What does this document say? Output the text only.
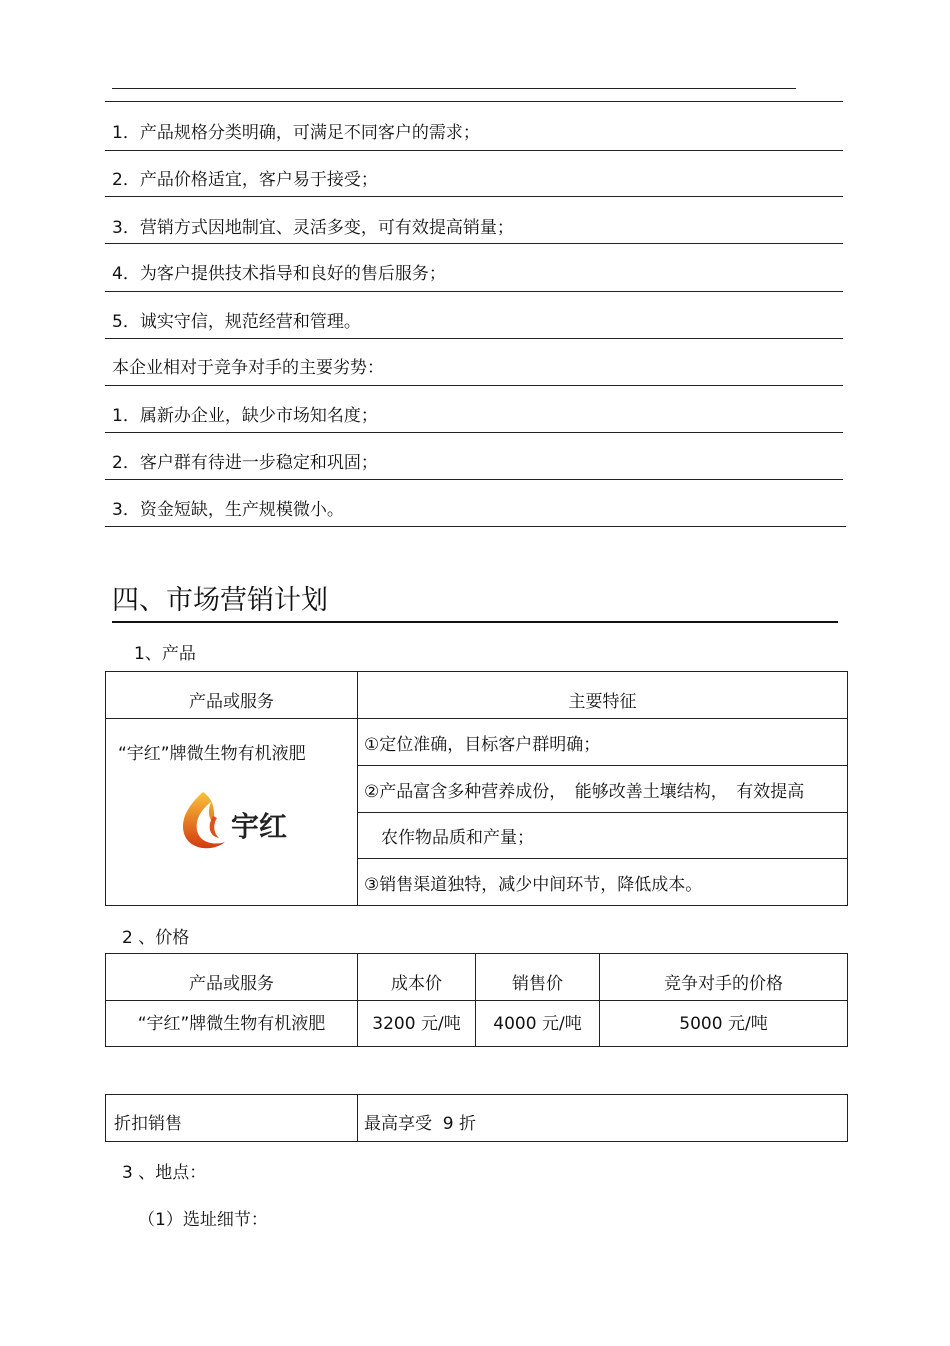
1．产品规格分类明确，可满足不同客户的需求；
2．产品价格适宜，客户易于接受；
3．营销方式因地制宜、灵活多变，可有效提高销量；
4．为客户提供技术指导和良好的售后服务；
5．诚实守信，规范经营和管理。
本企业相对于竞争对手的主要劣势：
1．属新办企业，缺少市场知名度；
2．客户群有待进一步稳定和巩固；
3．资金短缺，生产规模微小。
四、市场营销计划
1、产品
产品或服务	主要特征

“宇红”牌微生物有机液肥
宇红	①定位准确，目标客户群明确；
	②产品富含多种营养成份，　能够改善土壤结构，　有效提高
	　农作物品质和产量；
	③销售渠道独特，减少中间环节，降低成本。
2 、价格
产品或服务	成本价	销售价	竞争对手的价格
“宇红”牌微生物有机液肥	3200 元/吨	4000 元/吨	5000 元/吨
折扣销售	最高享受  9 折
3 、地点：
（1）选址细节：
